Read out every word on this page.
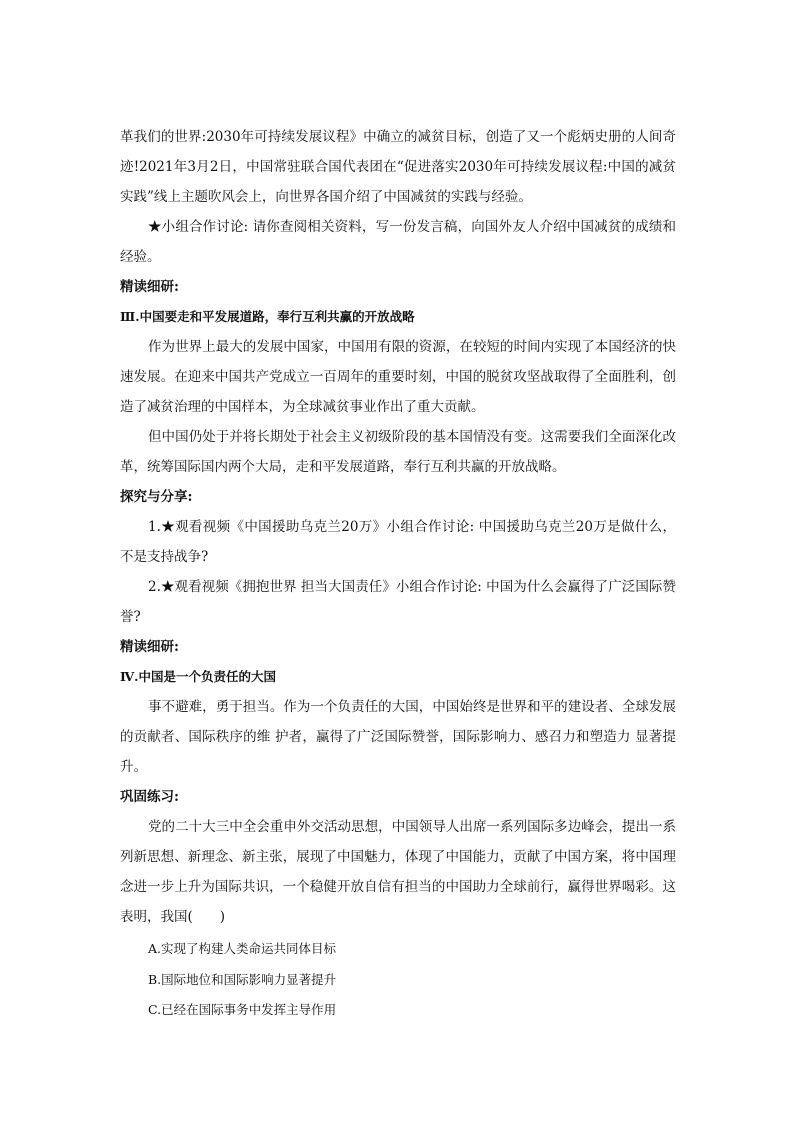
革我们的世界:2030年可持续发展议程》中确立的减贫目标，创造了又一个彪炳史册的人间奇迹!2021年3月2日，中国常驻联合国代表团在“促进落实2030年可持续发展议程:中国的减贫实践”线上主题吹风会上，向世界各国介绍了中国减贫的实践与经验。

★小组合作讨论: 请你查阅相关资料，写一份发言稿，向国外友人介绍中国减贫的成绩和经验。

精读细研:

Ⅲ.中国要走和平发展道路，奉行互利共赢的开放战略

作为世界上最大的发展中国家，中国用有限的资源，在较短的时间内实现了本国经济的快速发展。在迎来中国共产党成立一百周年的重要时刻，中国的脱贫攻坚战取得了全面胜利，创造了减贫治理的中国样本，为全球减贫事业作出了重大贡献。

但中国仍处于并将长期处于社会主义初级阶段的基本国情没有变。这需要我们全面深化改革，统筹国际国内两个大局，走和平发展道路，奉行互利共赢的开放战略。

探究与分享:

1.★观看视频《中国援助乌克兰20万》小组合作讨论: 中国援助乌克兰20万是做什么，不是支持战争?

2.★观看视频《拥抱世界 担当大国责任》小组合作讨论: 中国为什么会赢得了广泛国际赞誉?

精读细研:

Ⅳ.中国是一个负责任的大国

事不避难，勇于担当。作为一个负责任的大国，中国始终是世界和平的建设者、全球发展的贡献者、国际秩序的维 护者，赢得了广泛国际赞誉，国际影响力、感召力和塑造力 显著提升。

巩固练习:

党的二十大三中全会重申外交活动思想，中国领导人出席一系列国际多边峰会，提出一系列新思想、新理念、新主张，展现了中国魅力，体现了中国能力，贡献了中国方案，将中国理念进一步上升为国际共识，一个稳健开放自信有担当的中国助力全球前行，赢得世界喝彩。这表明，我国(　　)

A.实现了构建人类命运共同体目标

B.国际地位和国际影响力显著提升

C.已经在国际事务中发挥主导作用
